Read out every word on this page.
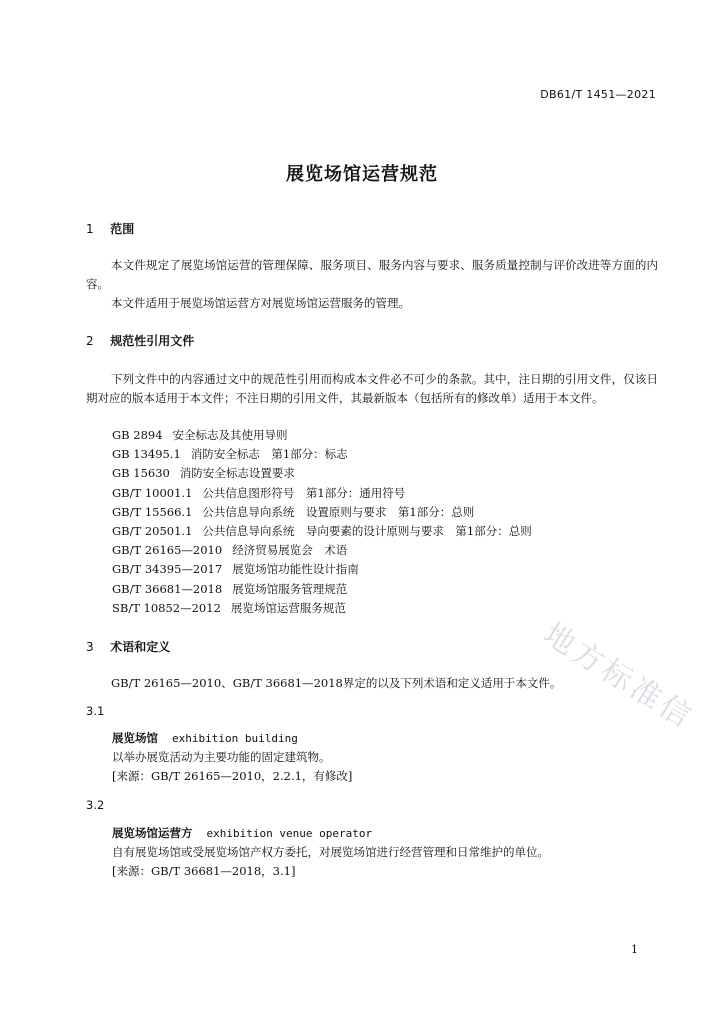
DB61/T 1451—2021
展览场馆运营规范
1 范围
本文件规定了展览场馆运营的管理保障、服务项目、服务内容与要求、服务质量控制与评价改进等方面的内容。
本文件适用于展览场馆运营方对展览场馆运营服务的管理。
2 规范性引用文件
下列文件中的内容通过文中的规范性引用而构成本文件必不可少的条款。其中，注日期的引用文件，仅该日期对应的版本适用于本文件；不注日期的引用文件，其最新版本（包括所有的修改单）适用于本文件。
GB 2894 安全标志及其使用导则
GB 13495.1 消防安全标志　第1部分：标志
GB 15630 消防安全标志设置要求
GB/T 10001.1 公共信息图形符号　第1部分：通用符号
GB/T 15566.1 公共信息导向系统　设置原则与要求　第1部分：总则
GB/T 20501.1 公共信息导向系统　导向要素的设计原则与要求　第1部分：总则
GB/T 26165—2010 经济贸易展览会　术语
GB/T 34395—2017 展览场馆功能性设计指南
GB/T 36681—2018 展览场馆服务管理规范
SB/T 10852—2012 展览场馆运营服务规范
3 术语和定义
GB/T 26165—2010、GB/T 36681—2018界定的以及下列术语和定义适用于本文件。
3.1
展览场馆 exhibition building
以举办展览活动为主要功能的固定建筑物。
[来源：GB/T 26165—2010，2.2.1，有修改]
3.2
展览场馆运营方 exhibition venue operator
自有展览场馆或受展览场馆产权方委托，对展览场馆进行经营管理和日常维护的单位。
[来源：GB/T 36681—2018，3.1]
地方标准信
1
